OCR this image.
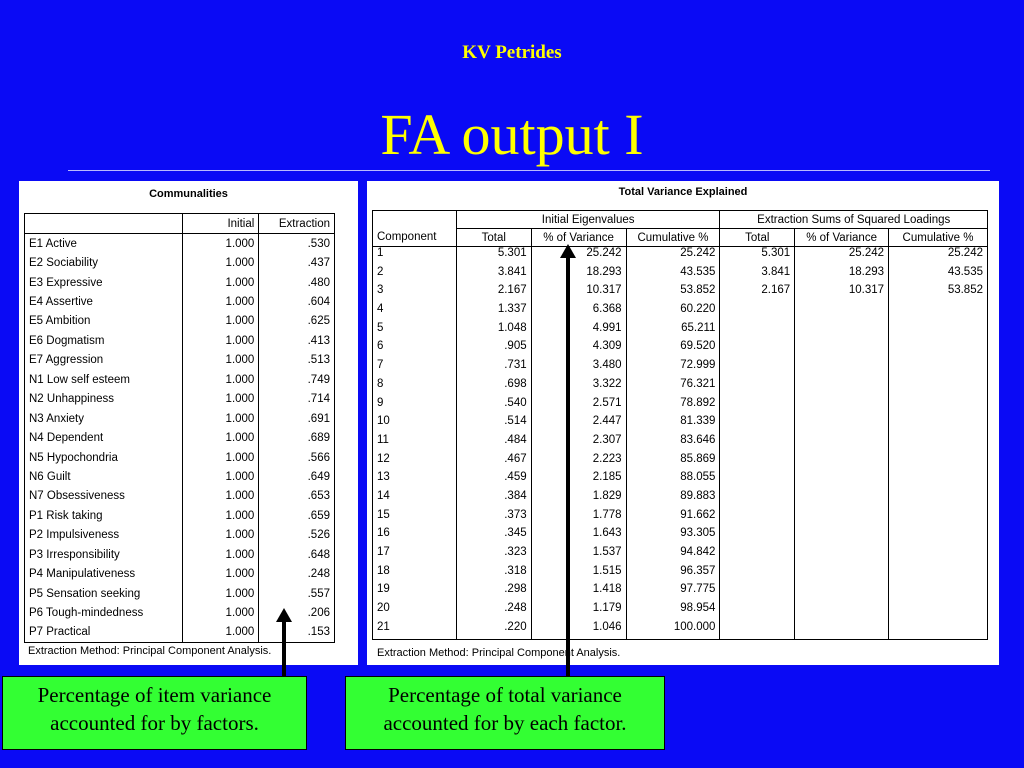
KV Petrides
FA output I
Communalities
	Initial	Extraction
E1 Active	1.000	.530
E2 Sociability	1.000	.437
E3 Expressive	1.000	.480
E4 Assertive	1.000	.604
E5 Ambition	1.000	.625
E6 Dogmatism	1.000	.413
E7 Aggression	1.000	.513
N1 Low self esteem	1.000	.749
N2 Unhappiness	1.000	.714
N3 Anxiety	1.000	.691
N4 Dependent	1.000	.689
N5 Hypochondria	1.000	.566
N6 Guilt	1.000	.649
N7 Obsessiveness	1.000	.653
P1 Risk taking	1.000	.659
P2 Impulsiveness	1.000	.526
P3 Irresponsibility	1.000	.648
P4 Manipulativeness	1.000	.248
P5 Sensation seeking	1.000	.557
P6 Tough-mindedness	1.000	.206
P7 Practical	1.000	.153
Extraction Method: Principal Component Analysis.
Total Variance Explained
	Initial Eigenvalues			Extraction Sums of Squared Loadings		
Component	Total	% of Variance	Cumulative %	Total	% of Variance	Cumulative %
1	5.301	25.242	25.242	5.301	25.242	25.242
2	3.841	18.293	43.535	3.841	18.293	43.535
3	2.167	10.317	53.852	2.167	10.317	53.852
4	1.337	6.368	60.220			
5	1.048	4.991	65.211			
6	.905	4.309	69.520			
7	.731	3.480	72.999			
8	.698	3.322	76.321			
9	.540	2.571	78.892			
10	.514	2.447	81.339			
11	.484	2.307	83.646			
12	.467	2.223	85.869			
13	.459	2.185	88.055			
14	.384	1.829	89.883			
15	.373	1.778	91.662			
16	.345	1.643	93.305			
17	.323	1.537	94.842			
18	.318	1.515	96.357			
19	.298	1.418	97.775			
20	.248	1.179	98.954			
21	.220	1.046	100.000			
Extraction Method: Principal Component Analysis.
Percentage of item variance
accounted for by factors.
Percentage of total variance
accounted for by each factor.
